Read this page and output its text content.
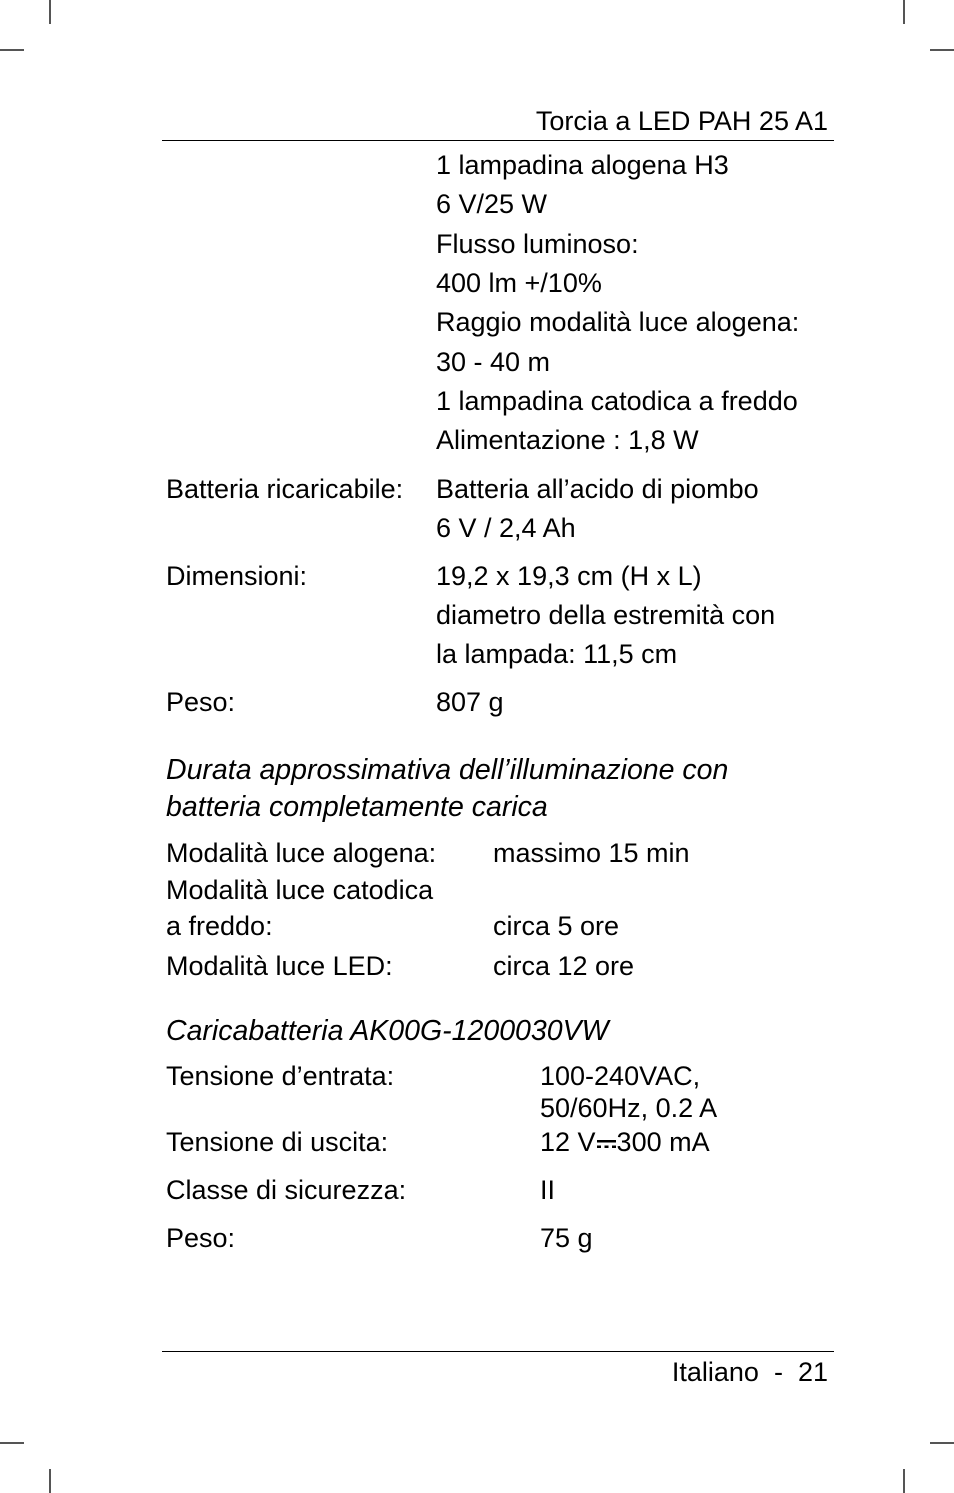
Torcia a LED PAH 25 A1
1 lampadina alogena H3
6 V/25 W
Flusso luminoso:
400 lm +/10%
Raggio modalità luce alogena:
30 - 40 m
1 lampadina catodica a freddo
Alimentazione : 1,8 W
Batteria ricaricabile: Batteria all’acido di piombo
6 V / 2,4 Ah
Dimensioni:	19,2 x 19,3 cm (H x L)
diametro della estremità con
la lampada: 11,5 cm
Peso:	807 g
Durata approssimativa dell’illuminazione con
batteria completamente carica
Modalità luce alogena: massimo 15 min
Modalità luce catodica
a freddo:	circa 5 ore
Modalità luce LED:	circa 12 ore
Caricabatteria AK00G-1200030VW
Tensione d’entrata:	100-240VAC,
50/60Hz, 0.2 A
Tensione di uscita:	12 V 300 mA
Classe di sicurezza:	II
Peso:	75 g
Italiano - 21
